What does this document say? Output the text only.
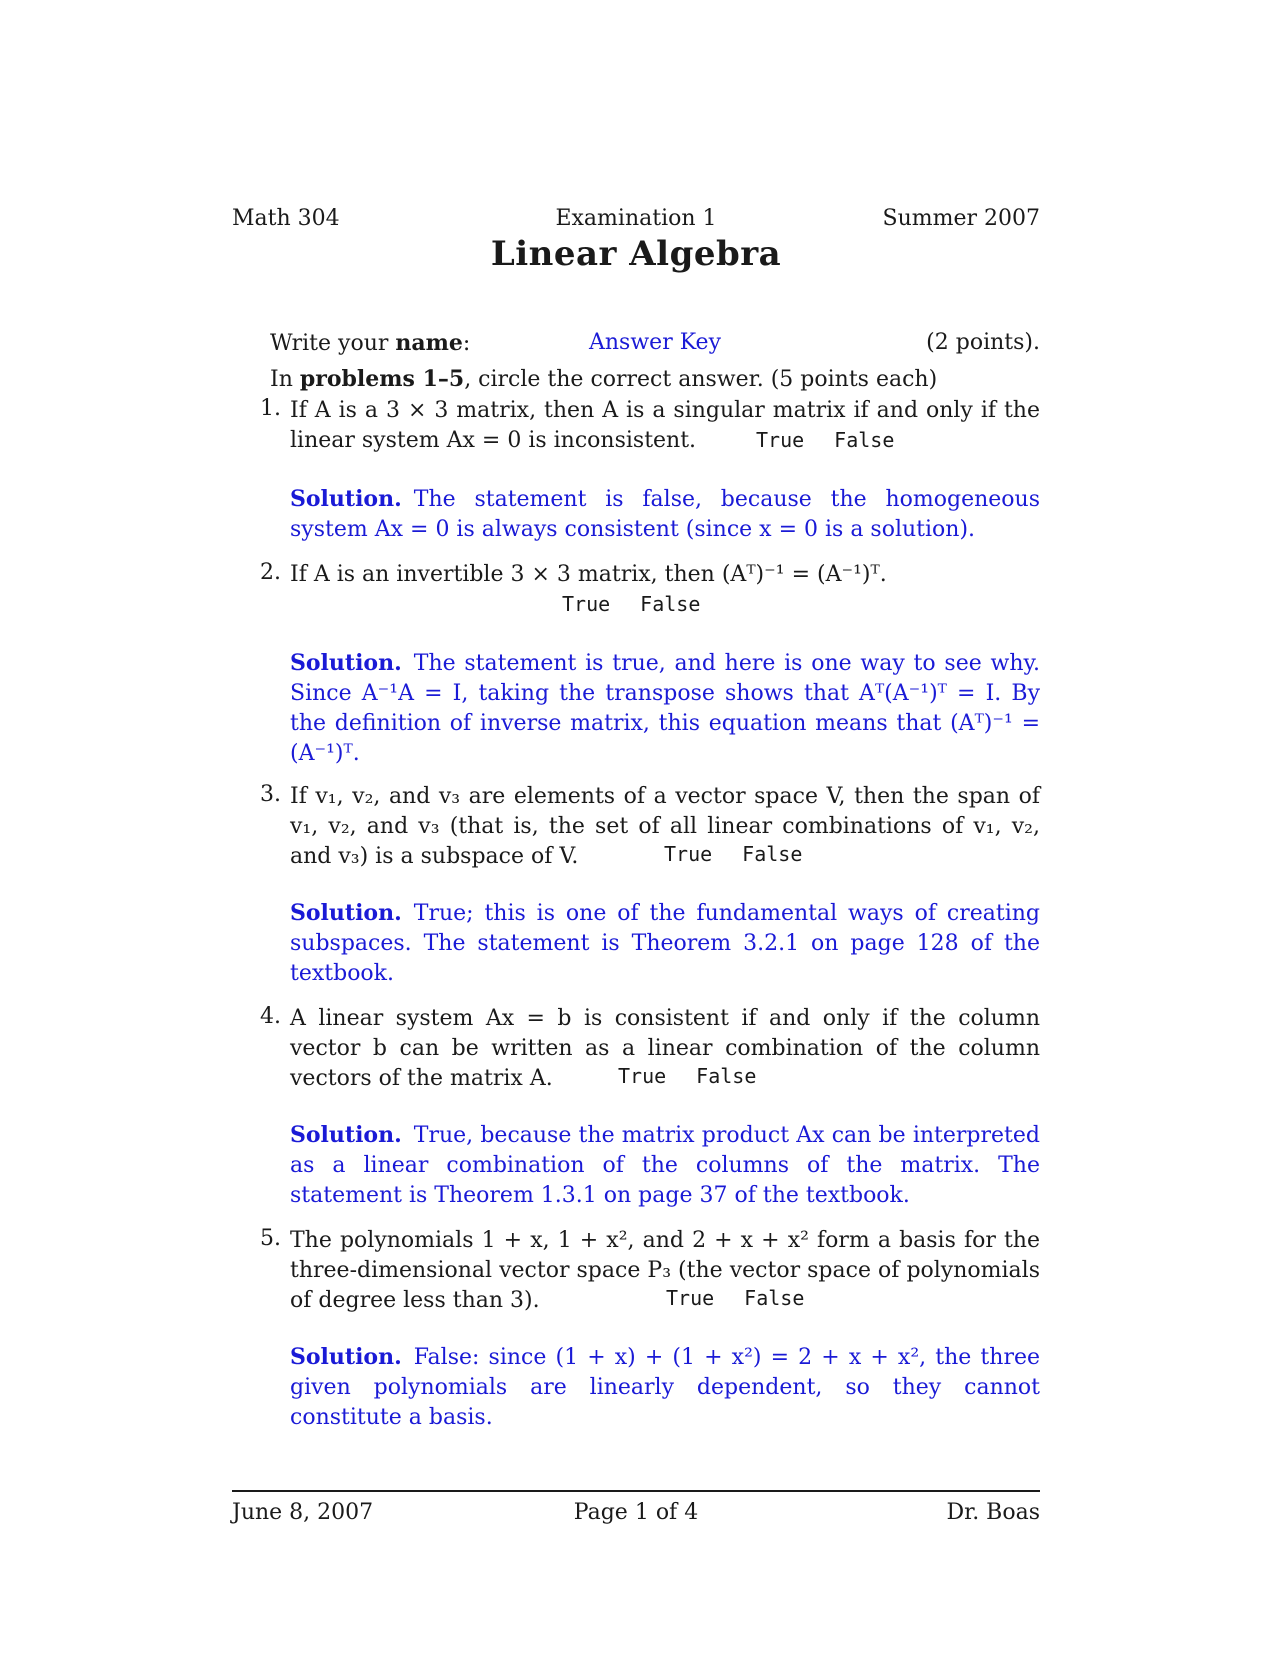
Math 304	Examination 1	Summer 2007
Linear Algebra
Write your name:	Answer Key	(2 points).
In problems 1–5, circle the correct answer. (5 points each)
1. If A is a 3 × 3 matrix, then A is a singular matrix if and only if the linear system Ax = 0 is inconsistent.	True False
Solution. The statement is false, because the homogeneous system Ax = 0 is always consistent (since x = 0 is a solution).
2. If A is an invertible 3 × 3 matrix, then (Aᵀ)⁻¹ = (A⁻¹)ᵀ.
True False
Solution. The statement is true, and here is one way to see why. Since A⁻¹A = I, taking the transpose shows that Aᵀ(A⁻¹)ᵀ = I. By the definition of inverse matrix, this equation means that (Aᵀ)⁻¹ = (A⁻¹)ᵀ.
3. If v₁, v₂, and v₃ are elements of a vector space V, then the span of v₁, v₂, and v₃ (that is, the set of all linear combinations of v₁, v₂, and v₃) is a subspace of V.	True False
Solution. True; this is one of the fundamental ways of creating subspaces. The statement is Theorem 3.2.1 on page 128 of the textbook.
4. A linear system Ax = b is consistent if and only if the column vector b can be written as a linear combination of the column vectors of the matrix A.	True False
Solution. True, because the matrix product Ax can be interpreted as a linear combination of the columns of the matrix. The statement is Theorem 1.3.1 on page 37 of the textbook.
5. The polynomials 1 + x, 1 + x², and 2 + x + x² form a basis for the three-dimensional vector space P₃ (the vector space of polynomials of degree less than 3).	True False
Solution. False: since (1 + x) + (1 + x²) = 2 + x + x², the three given polynomials are linearly dependent, so they cannot constitute a basis.
June 8, 2007	Page 1 of 4	Dr. Boas
